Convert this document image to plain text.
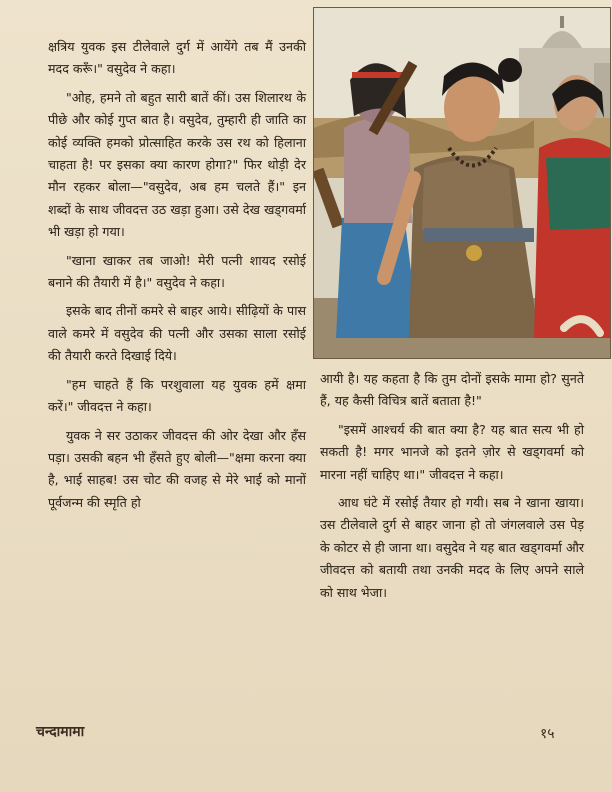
क्षत्रिय युवक इस टीलेवाले दुर्ग में आयेंगे तब मैं उनकी मदद करूँ।" वसुदेव ने कहा।

"ओह, हमने तो बहुत सारी बातें कीं। उस शिलारथ के पीछे और कोई गुप्त बात है। वसुदेव, तुम्हारी ही जाति का कोई व्यक्ति हमको प्रोत्साहित करके उस रथ को हिलाना चाहता है! पर इसका क्या कारण होगा?" फिर थोड़ी देर मौन रहकर बोला—"वसुदेव, अब हम चलते हैं।" इन शब्दों के साथ जीवदत्त उठ खड़ा हुआ। उसे देख खड्गवर्मा भी खड़ा हो गया।

"खाना खाकर तब जाओ! मेरी पत्नी शायद रसोई बनाने की तैयारी में है।" वसुदेव ने कहा।

इसके बाद तीनों कमरे से बाहर आये। सीढ़ियों के पास वाले कमरे में वसुदेव की पत्नी और उसका साला रसोई की तैयारी करते दिखाई दिये।

"हम चाहते हैं कि परशुवाला यह युवक हमें क्षमा करें।" जीवदत्त ने कहा।

युवक ने सर उठाकर जीवदत्त की ओर देखा और हँस पड़ा। उसकी बहन भी हँसते हुए बोली—"क्षमा करना क्या है, भाई साहब! उस चोट की वजह से मेरे भाई को मानों पूर्वजन्म की स्मृति हो

आयी है। यह कहता है कि तुम दोनों इसके मामा हो? सुनते हैं, यह कैसी विचित्र बातें बताता है!"

"इसमें आश्चर्य की बात क्या है? यह बात सत्य भी हो सकती है! मगर भानजे को इतने ज़ोर से खड्गवर्मा को मारना नहीं चाहिए था।" जीवदत्त ने कहा।

आध घंटे में रसोई तैयार हो गयी। सब ने खाना खाया। उस टीलेवाले दुर्ग से बाहर जाना हो तो जंगलवाले उस पेड़ के कोटर से ही जाना था। वसुदेव ने यह बात खड्गवर्मा और जीवदत्त को बतायी तथा उनकी मदद के लिए अपने साले को साथ भेजा।

चन्दामामा	१५
